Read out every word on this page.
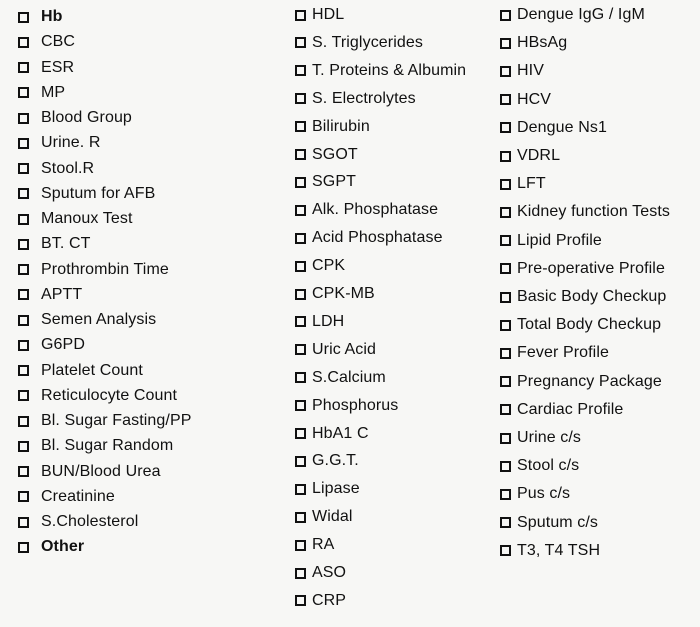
Hb
CBC
ESR
MP
Blood Group
Urine. R
Stool.R
Sputum for AFB
Manoux Test
BT. CT
Prothrombin Time
APTT
Semen Analysis
G6PD
Platelet Count
Reticulocyte Count
Bl. Sugar Fasting/PP
Bl. Sugar Random
BUN/Blood Urea
Creatinine
S.Cholesterol
Other
HDL
S. Triglycerides
T. Proteins & Albumin
S. Electrolytes
Bilirubin
SGOT
SGPT
Alk. Phosphatase
Acid Phosphatase
CPK
CPK-MB
LDH
Uric Acid
S.Calcium
Phosphorus
HbA1 C
G.G.T.
Lipase
Widal
RA
ASO
CRP
Dengue IgG / IgM
HBsAg
HIV
HCV
Dengue Ns1
VDRL
LFT
Kidney function Tests
Lipid Profile
Pre-operative Profile
Basic Body Checkup
Total Body Checkup
Fever Profile
Pregnancy Package
Cardiac Profile
Urine c/s
Stool c/s
Pus c/s
Sputum c/s
T3, T4 TSH
